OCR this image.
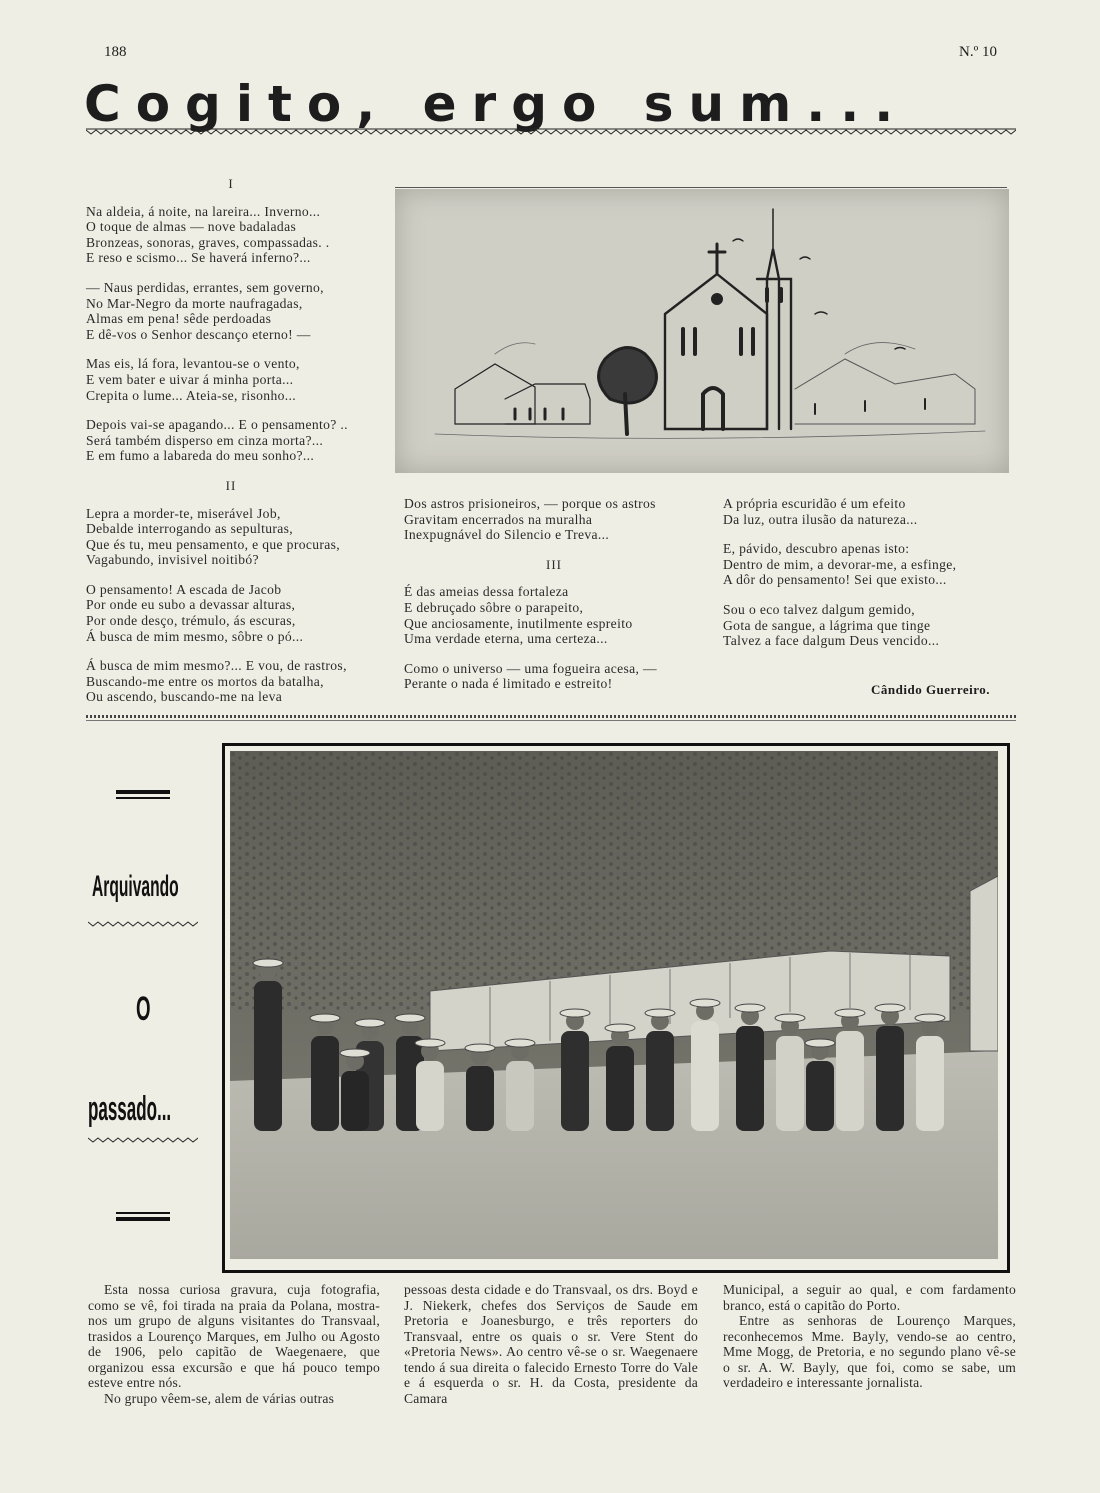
188	N.º 10
Cogito, ergo sum...
I
Na aldeia, á noite, na lareira... Inverno...
O toque de almas — nove badaladas
Bronzeas, sonoras, graves, compassadas. .
E reso e scismo... Se haverá inferno?...
— Naus perdidas, errantes, sem governo,
No Mar-Negro da morte naufragadas,
Almas em pena! sêde perdoadas
E dê-vos o Senhor descanço eterno! —
Mas eis, lá fora, levantou-se o vento,
E vem bater e uivar á minha porta...
Crepita o lume... Ateia-se, risonho...
Depois vai-se apagando... E o pensamento? ..
Será também disperso em cinza morta?...
E em fumo a labareda do meu sonho?...
II
Lepra a morder-te, miserável Job,
Debalde interrogando as sepulturas,
Que és tu, meu pensamento, e que procuras,
Vagabundo, invisivel noitibó?
O pensamento! A escada de Jacob
Por onde eu subo a devassar alturas,
Por onde desço, trémulo, ás escuras,
Á busca de mim mesmo, sôbre o pó...
Á busca de mim mesmo?... E vou, de rastros,
Buscando-me entre os mortos da batalha,
Ou ascendo, buscando-me na leva
Dos astros prisioneiros, — porque os astros
Gravitam encerrados na muralha
Inexpugnável do Silencio e Treva...
III
É das ameias dessa fortaleza
E debruçado sôbre o parapeito,
Que anciosamente, inutilmente espreito
Uma verdade eterna, uma certeza...
Como o universo — uma fogueira acesa, —
Perante o nada é limitado e estreito!
A própria escuridão é um efeito
Da luz, outra ilusão da natureza...
E, pávido, descubro apenas isto:
Dentro de mim, a devorar-me, a esfinge,
A dôr do pensamento! Sei que existo...
Sou o eco talvez dalgum gemido,
Gota de sangue, a lágrima que tinge
Talvez a face dalgum Deus vencido...
Cândido Guerreiro.
Arquivando
O
passado...

Esta nossa curiosa gravura, cuja fotografia, como se vê, foi tirada na praia da Polana, mostra-nos um grupo de alguns visitantes do Transvaal, trasidos a Lourenço Marques, em Julho ou Agosto de 1906, pelo capitão de Waegenaere, que organizou essa excursão e que há pouco tempo esteve entre nós.

No grupo vêem-se, alem de várias outras

pessoas desta cidade e do Transvaal, os drs. Boyd e J. Niekerk, chefes dos Serviços de Saude em Pretoria e Joanesburgo, e três reporters do Transvaal, entre os quais o sr. Vere Stent do «Pretoria News». Ao centro vê-se o sr. Waegenaere tendo á sua direita o falecido Ernesto Torre do Vale e á esquerda o sr. H. da Costa, presidente da Camara

Municipal, a seguir ao qual, e com fardamento branco, está o capitão do Porto.

Entre as senhoras de Lourenço Marques, reconhecemos Mme. Bayly, vendo-se ao centro, Mme Mogg, de Pretoria, e no segundo plano vê-se o sr. A. W. Bayly, que foi, como se sabe, um verdadeiro e interessante jornalista.
